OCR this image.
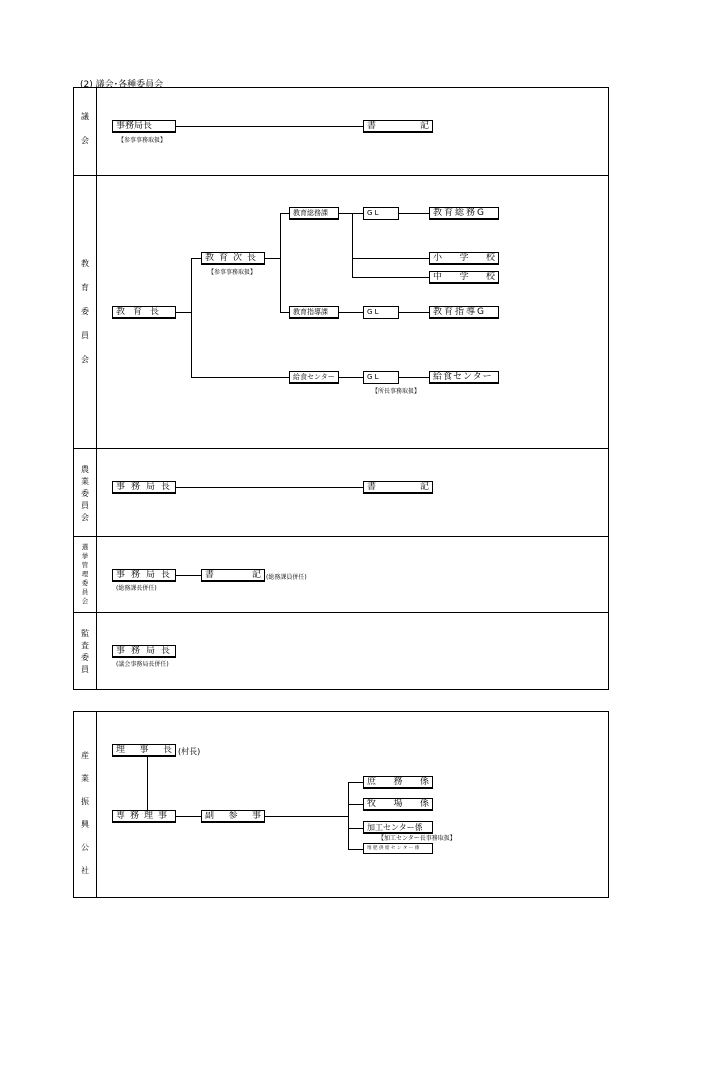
(2) 議会･各種委員会
議

会
事務局長
【参事事務取扱】
書	記
教

育

委

員

会
教育長
教育次長
【参事事務取扱】
教育総務課
教育指導課
給食センター
G L
G L
G L
【所長事務取扱】
教育総務G
小 学 校
中 学 校
教育指導G
給食センター
農
業
委
員
会
事務局長	書	記
選
挙
管
理
委
員
会
事務局長
(総務課長併任)
書	記 (総務課員併任)
監
査
委
員
事務局長
(議会事務局長併任)
産
業
振
興
公
社
理 事 長 (村長)
専務理事	副 参 事
庶 務 係
牧 場 係
加工センター係
【加工センター長事務取扱】
堆肥供給センター係
